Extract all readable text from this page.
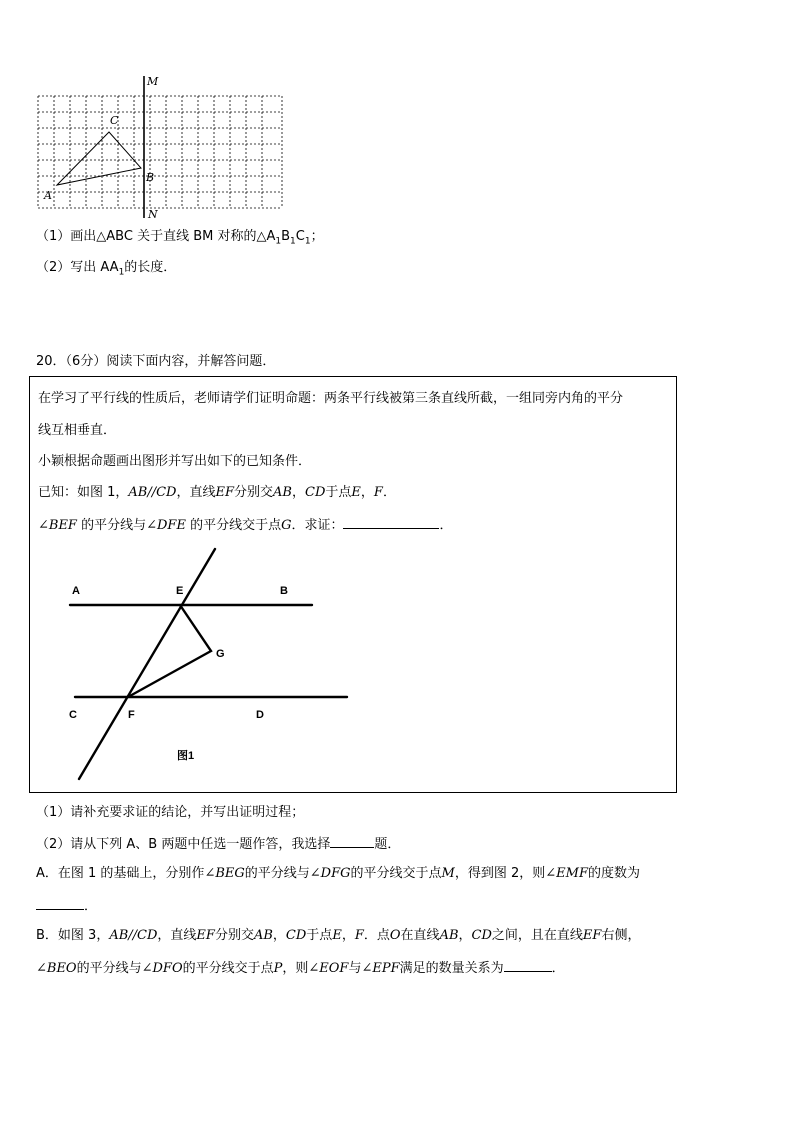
M
N
A
B
C
（1）画出△ABC 关于直线 BM 对称的$\triangle A_1B_1C_1$；
（2）写出 $AA_1$的长度．
20．（6分）阅读下面内容，并解答问题．
在学习了平行线的性质后，老师请学们证明命题：两条平行线被第三条直线所截，一组同旁内角的平分
线互相垂直．
小颖根据命题画出图形并写出如下的已知条件．
已知：如图 1，AB//CD，直线EF分别交AB，CD于点E，F．
∠BEF 的平分线与∠DFE 的平分线交于点G．求证：	．
A	E	B
G
C	F	D
图1
（1）请补充要求证的结论，并写出证明过程；
（2）请从下列 A、B 两题中任选一题作答，我选择	题．
A．在图 1 的基础上，分别作∠BEG的平分线与∠DFG的平分线交于点M，得到图 2，则∠EMF的度数为
．
B．如图 3，AB//CD，直线EF分别交AB，CD于点E，F．点O在直线AB，CD之间，且在直线EF右侧，
∠BEO的平分线与∠DFO的平分线交于点P，则∠EOF与∠EPF满足的数量关系为	．
